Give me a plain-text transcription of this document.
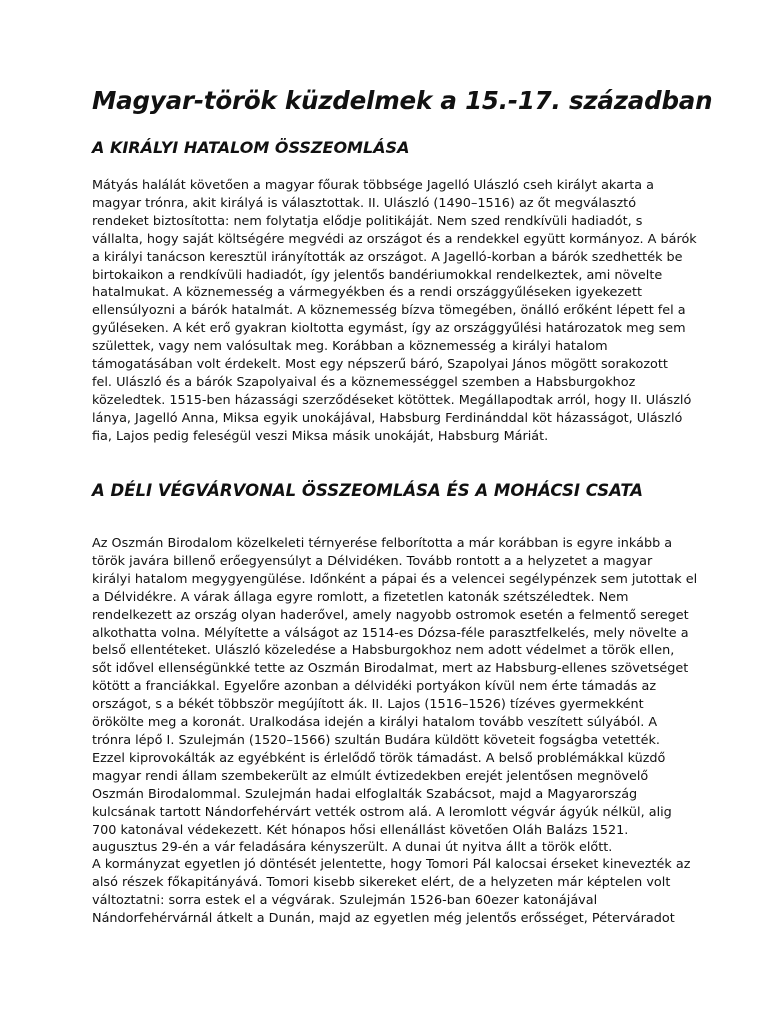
Magyar-török küzdelmek a 15.-17. században
A KIRÁLYI HATALOM ÖSSZEOMLÁSA
Mátyás halálát követően a magyar főurak többsége Jagelló Ulászló cseh királyt akarta a
magyar trónra, akit királyá is választottak. II. Ulászló (1490–1516) az őt megválasztó
rendeket biztosította: nem folytatja elődje politikáját. Nem szed rendkívüli hadiadót, s
vállalta, hogy saját költségére megvédi az országot és a rendekkel együtt kormányoz. A bárók
a királyi tanácson keresztül irányították az országot. A Jagelló-korban a bárók szedhették be
birtokaikon a rendkívüli hadiadót, így jelentős bandériumokkal rendelkeztek, ami növelte
hatalmukat. A köznemesség a vármegyékben és a rendi országgyűléseken igyekezett
ellensúlyozni a bárók hatalmát. A köznemesség bízva tömegében, önálló erőként lépett fel a
gyűléseken. A két erő gyakran kioltotta egymást, így az országgyűlési határozatok meg sem
születtek, vagy nem valósultak meg. Korábban a köznemesség a királyi hatalom
támogatásában volt érdekelt. Most egy népszerű báró, Szapolyai János mögött sorakozott
fel. Ulászló és a bárók Szapolyaival és a köznemességgel szemben a Habsburgokhoz
közeledtek. 1515-ben házassági szerződéseket kötöttek. Megállapodtak arról, hogy II. Ulászló
lánya, Jagelló Anna, Miksa egyik unokájával, Habsburg Ferdinánddal köt házasságot, Ulászló
fia, Lajos pedig feleségül veszi Miksa másik unokáját, Habsburg Máriát.
A DÉLI VÉGVÁRVONAL ÖSSZEOMLÁSA ÉS A MOHÁCSI CSATA
Az Oszmán Birodalom közelkeleti térnyerése felborította a már korábban is egyre inkább a
török javára billenő erőegyensúlyt a Délvidéken. Tovább rontott a a helyzetet a magyar
királyi hatalom megygyengülése. Időnként a pápai és a velencei segélypénzek sem jutottak el
a Délvidékre. A várak állaga egyre romlott, a fizetetlen katonák szétszéledtek. Nem
rendelkezett az ország olyan haderővel, amely nagyobb ostromok esetén a felmentő sereget
alkothatta volna. Mélyítette a válságot az 1514-es Dózsa-féle parasztfelkelés, mely növelte a
belső ellentéteket. Ulászló közeledése a Habsburgokhoz nem adott védelmet a török ellen,
sőt idővel ellenségünkké tette az Oszmán Birodalmat, mert az Habsburg-ellenes szövetséget
kötött a franciákkal. Egyelőre azonban a délvidéki portyákon kívül nem érte támadás az
országot, s a békét többször megújított ák. II. Lajos (1516–1526) tízéves gyermekként
örökölte meg a koronát. Uralkodása idején a királyi hatalom tovább veszített súlyából. A
trónra lépő I. Szulejmán (1520–1566) szultán Budára küldött követeit fogságba vetették.
Ezzel kiprovokálták az egyébként is érlelődő török támadást. A belső problémákkal küzdő
magyar rendi állam szembekerült az elmúlt évtizedekben erejét jelentősen megnövelő
Oszmán Birodalommal. Szulejmán hadai elfoglalták Szabácsot, majd a Magyarország
kulcsának tartott Nándorfehérvárt vették ostrom alá. A leromlott végvár ágyúk nélkül, alig
700 katonával védekezett. Két hónapos hősi ellenállást követően Oláh Balázs 1521.
augusztus 29-én a vár feladására kényszerült. A dunai út nyitva állt a török előtt.
A kormányzat egyetlen jó döntését jelentette, hogy Tomori Pál kalocsai érseket kinevezték az
alsó részek főkapitányává. Tomori kisebb sikereket elért, de a helyzeten már képtelen volt
változtatni: sorra estek el a végvárak. Szulejmán 1526-ban 60ezer katonájával
Nándorfehérvárnál átkelt a Dunán, majd az egyetlen még jelentős erősséget, Péterváradot
